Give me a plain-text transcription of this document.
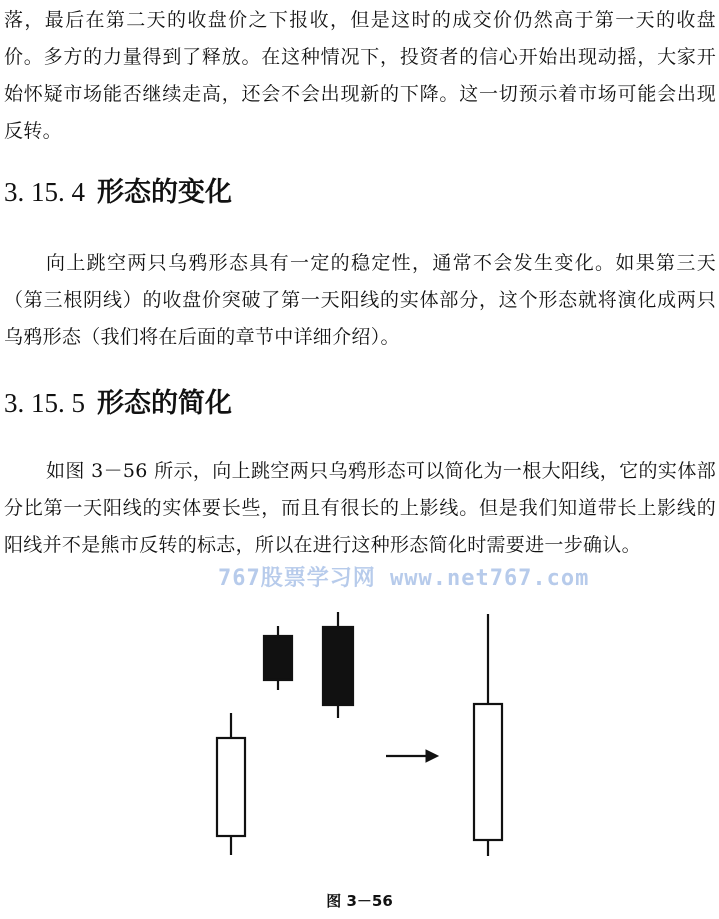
落，最后在第二天的收盘价之下报收，但是这时的成交价仍然高于第一天的收盘价。多方的力量得到了释放。在这种情况下，投资者的信心开始出现动摇，大家开始怀疑市场能否继续走高，还会不会出现新的下降。这一切预示着市场可能会出现反转。

3. 15. 4 形态的变化

向上跳空两只乌鸦形态具有一定的稳定性，通常不会发生变化。如果第三天（第三根阴线）的收盘价突破了第一天阳线的实体部分，这个形态就将演化成两只乌鸦形态（我们将在后面的章节中详细介绍）。

3. 15. 5 形态的简化

如图 3－56 所示，向上跳空两只乌鸦形态可以简化为一根大阳线，它的实体部分比第一天阳线的实体要长些，而且有很长的上影线。但是我们知道带长上影线的阳线并不是熊市反转的标志，所以在进行这种形态简化时需要进一步确认。

767股票学习网 www.net767.com
图 3－56
